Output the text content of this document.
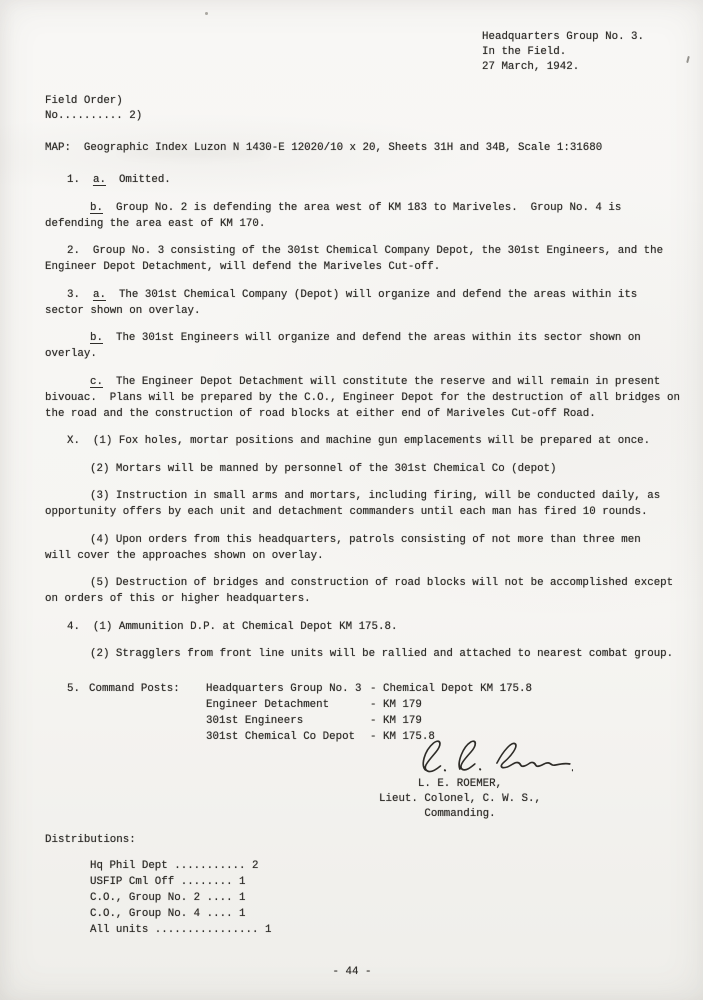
Headquarters Group No. 3.
In the Field.
27 March, 1942.
Field Order)
No.......... 2)
MAP:  Geographic Index Luzon N 1430-E 12020/10 x 20, Sheets 31H and 34B, Scale 1:31680
1. a. Omitted.
b. Group No. 2 is defending the area west of KM 183 to Mariveles.  Group No. 4 is
defending the area east of KM 170.
2.  Group No. 3 consisting of the 301st Chemical Company Depot, the 301st Engineers, and the
Engineer Depot Detachment, will defend the Mariveles Cut-off.
3. a. The 301st Chemical Company (Depot) will organize and defend the areas within its
sector shown on overlay.
b. The 301st Engineers will organize and defend the areas within its sector shown on
overlay.
c. The Engineer Depot Detachment will constitute the reserve and will remain in present
bivouac.  Plans will be prepared by the C.O., Engineer Depot for the destruction of all bridges on
the road and the construction of road blocks at either end of Mariveles Cut-off Road.
X.  (1) Fox holes, mortar positions and machine gun emplacements will be prepared at once.
(2) Mortars will be manned by personnel of the 301st Chemical Co (depot)
(3) Instruction in small arms and mortars, including firing, will be conducted daily, as
opportunity offers by each unit and detachment commanders until each man has fired 10 rounds.
(4) Upon orders from this headquarters, patrols consisting of not more than three men
will cover the approaches shown on overlay.
(5) Destruction of bridges and construction of road blocks will not be accomplished except
on orders of this or higher headquarters.
4.  (1) Ammunition D.P. at Chemical Depot KM 175.8.
(2) Stragglers from front line units will be rallied and attached to nearest combat group.
5. Command Posts:	Headquarters Group No. 3 - Chemical Depot KM 175.8
Engineer Detachment	- KM 179
301st Engineers	- KM 179
301st Chemical Co Depot	- KM 175.8
L. E. ROEMER,
Lieut. Colonel, C. W. S.,
Commanding.
Distributions:
Hq Phil Dept ........... 2
USFIP Cml Off ........ 1
C.O., Group No. 2 .... 1
C.O., Group No. 4 .... 1
All units ................ 1
- 44 -
